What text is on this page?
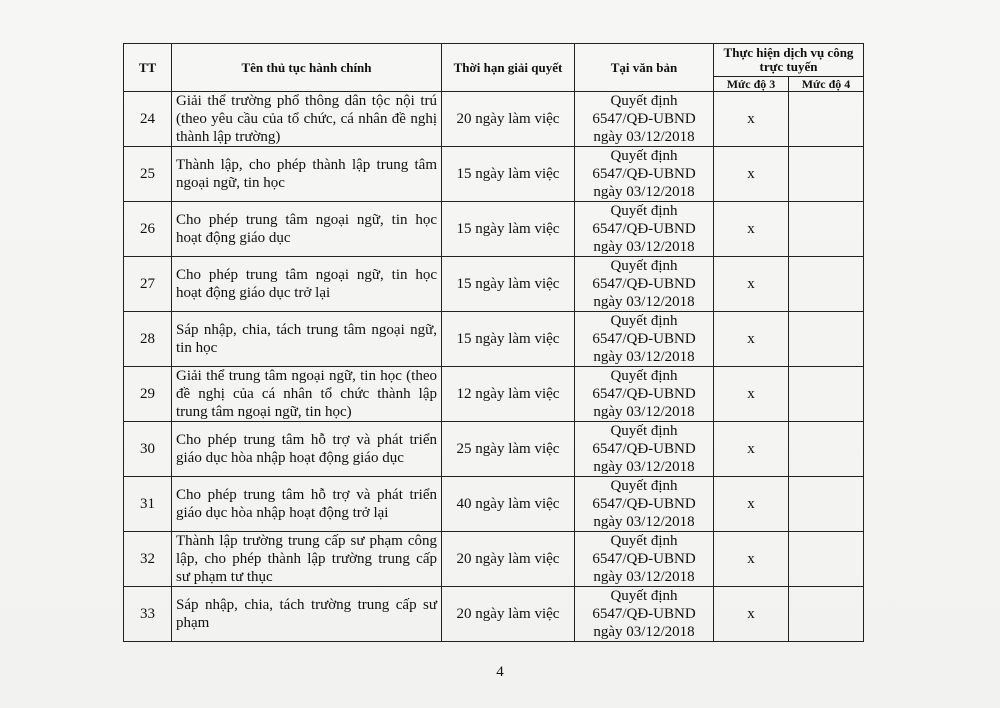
TT	Tên thủ tục hành chính	Thời hạn giải quyết	Tại văn bản	Thực hiện dịch vụ công trực tuyến	
				Mức độ 3	Mức độ 4
24	Giải thể trường phổ thông dân tộc nội trú (theo yêu cầu của tổ chức, cá nhân đề nghị thành lập trường)	20 ngày làm việc	Quyết định
6547/QĐ-UBND
ngày 03/12/2018	x	
25	Thành lập, cho phép thành lập trung tâm ngoại ngữ, tin học	15 ngày làm việc	Quyết định
6547/QĐ-UBND
ngày 03/12/2018	x	
26	Cho phép trung tâm ngoại ngữ, tin học hoạt động giáo dục	15 ngày làm việc	Quyết định
6547/QĐ-UBND
ngày 03/12/2018	x	
27	Cho phép trung tâm ngoại ngữ, tin học hoạt động giáo dục trở lại	15 ngày làm việc	Quyết định
6547/QĐ-UBND
ngày 03/12/2018	x	
28	Sáp nhập, chia, tách trung tâm ngoại ngữ, tin học	15 ngày làm việc	Quyết định
6547/QĐ-UBND
ngày 03/12/2018	x	
29	Giải thể trung tâm ngoại ngữ, tin học (theo đề nghị của cá nhân tổ chức thành lập trung tâm ngoại ngữ, tin học)	12 ngày làm việc	Quyết định
6547/QĐ-UBND
ngày 03/12/2018	x	
30	Cho phép trung tâm hỗ trợ và phát triển giáo dục hòa nhập hoạt động giáo dục	25 ngày làm việc	Quyết định
6547/QĐ-UBND
ngày 03/12/2018	x	
31	Cho phép trung tâm hỗ trợ và phát triển giáo dục hòa nhập hoạt động trở lại	40 ngày làm việc	Quyết định
6547/QĐ-UBND
ngày 03/12/2018	x	
32	Thành lập trường trung cấp sư phạm công lập, cho phép thành lập trường trung cấp sư phạm tư thục	20 ngày làm việc	Quyết định
6547/QĐ-UBND
ngày 03/12/2018	x	
33	Sáp nhập, chia, tách trường trung cấp sư phạm	20 ngày làm việc	Quyết định
6547/QĐ-UBND
ngày 03/12/2018	x	
4
